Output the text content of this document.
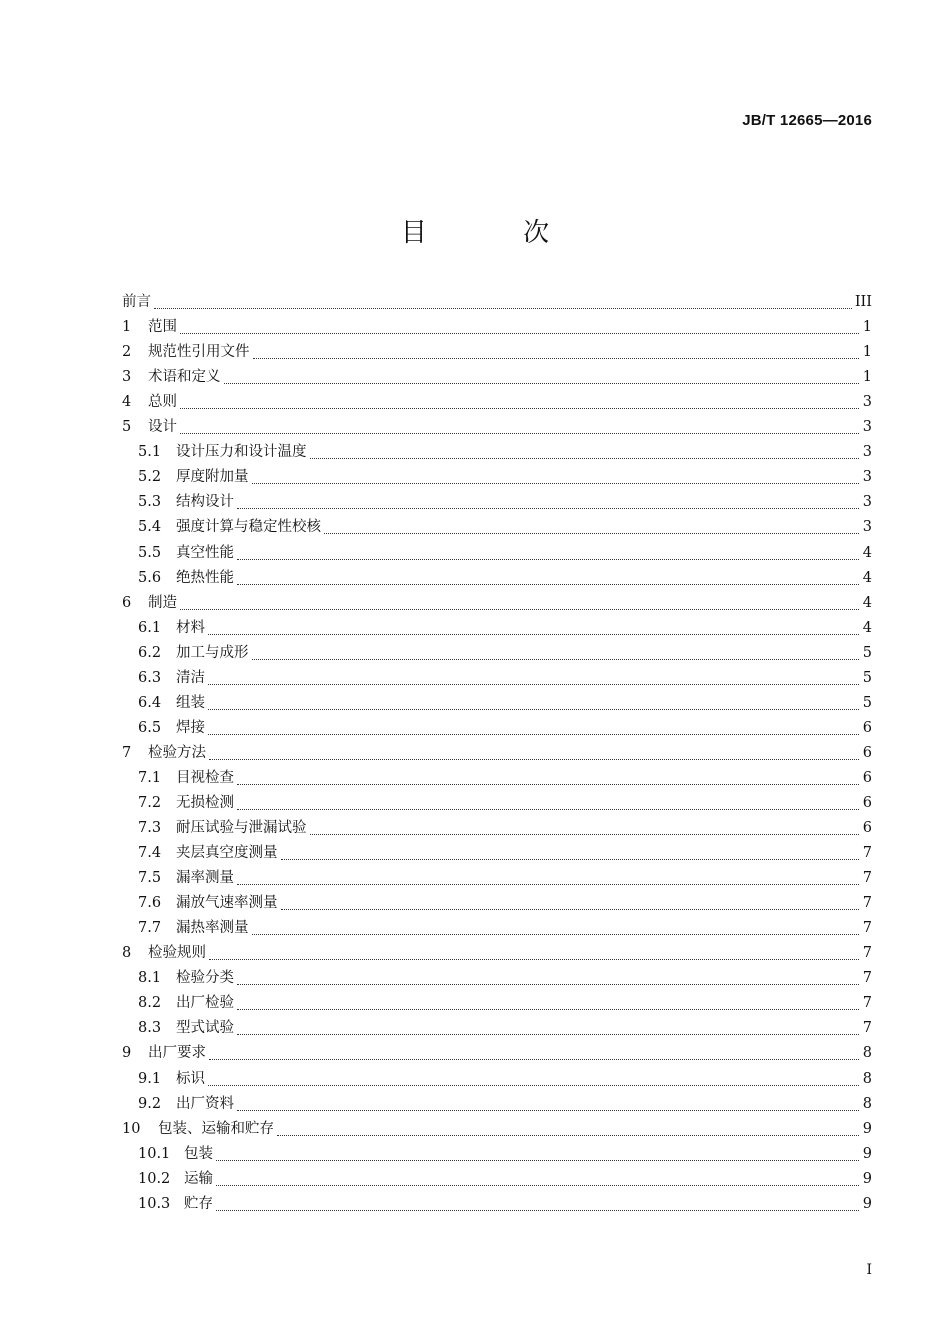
JB/T 12665—2016
目 次
前言	III
1	范围	1
2	规范性引用文件	1
3	术语和定义	1
4	总则	3
5	设计	3
5.1	设计压力和设计温度	3
5.2	厚度附加量	3
5.3	结构设计	3
5.4	强度计算与稳定性校核	3
5.5	真空性能	4
5.6	绝热性能	4
6	制造	4
6.1	材料	4
6.2	加工与成形	5
6.3	清洁	5
6.4	组装	5
6.5	焊接	6
7	检验方法	6
7.1	目视检查	6
7.2	无损检测	6
7.3	耐压试验与泄漏试验	6
7.4	夹层真空度测量	7
7.5	漏率测量	7
7.6	漏放气速率测量	7
7.7	漏热率测量	7
8	检验规则	7
8.1	检验分类	7
8.2	出厂检验	7
8.3	型式试验	7
9	出厂要求	8
9.1	标识	8
9.2	出厂资料	8
10	包装、运输和贮存	9
10.1 包装	9
10.2 运输	9
10.3 贮存	9
I
